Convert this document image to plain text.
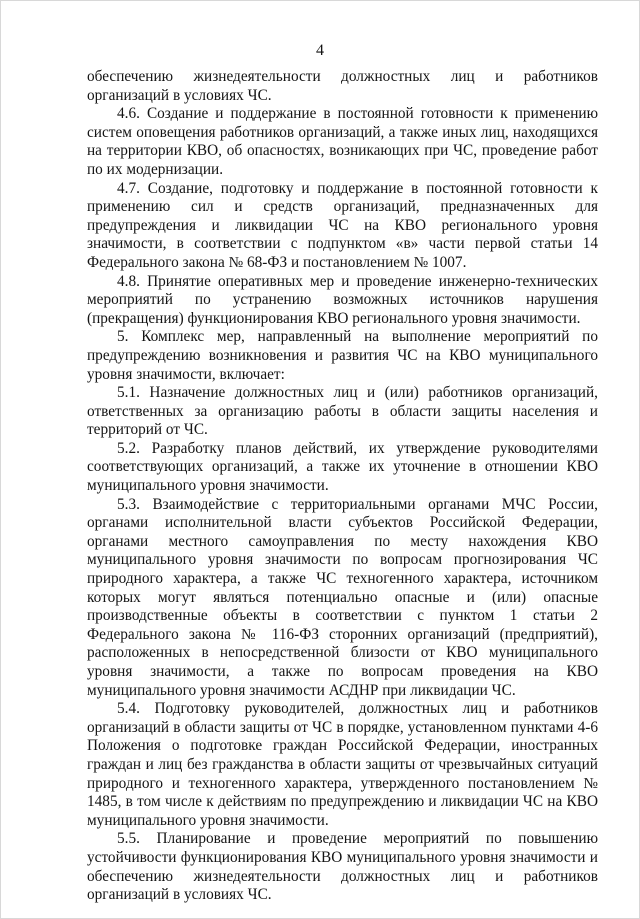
4

обеспечению жизнедеятельности должностных лиц и работников организаций в условиях ЧС.

4.6. Создание и поддержание в постоянной готовности к применению систем оповещения работников организаций, а также иных лиц, находящихся на территории КВО, об опасностях, возникающих при ЧС, проведение работ по их модернизации.

4.7. Создание, подготовку и поддержание в постоянной готовности к применению сил и средств организаций, предназначенных для предупреждения и ликвидации ЧС на КВО регионального уровня значимости, в соответствии с подпунктом «в» части первой статьи 14 Федерального закона № 68-ФЗ и постановлением № 1007.

4.8. Принятие оперативных мер и проведение инженерно-технических мероприятий по устранению возможных источников нарушения (прекращения) функционирования КВО регионального уровня значимости.

5. Комплекс мер, направленный на выполнение мероприятий по предупреждению возникновения и развития ЧС на КВО муниципального уровня значимости, включает:

5.1. Назначение должностных лиц и (или) работников организаций, ответственных за организацию работы в области защиты населения и территорий от ЧС.

5.2. Разработку планов действий, их утверждение руководителями соответствующих организаций, а также их уточнение в отношении КВО муниципального уровня значимости.

5.3. Взаимодействие с территориальными органами МЧС России, органами исполнительной власти субъектов Российской Федерации, органами местного самоуправления по месту нахождения КВО муниципального уровня значимости по вопросам прогнозирования ЧС природного характера, а также ЧС техногенного характера, источником которых могут являться потенциально опасные и (или) опасные производственные объекты в соответствии с пунктом 1 статьи 2 Федерального закона № 116-ФЗ сторонних организаций (предприятий), расположенных в непосредственной близости от КВО муниципального уровня значимости, а также по вопросам проведения на КВО муниципального уровня значимости АСДНР при ликвидации ЧС.

5.4. Подготовку руководителей, должностных лиц и работников организаций в области защиты от ЧС в порядке, установленном пунктами 4-6 Положения о подготовке граждан Российской Федерации, иностранных граждан и лиц без гражданства в области защиты от чрезвычайных ситуаций природного и техногенного характера, утвержденного постановлением № 1485, в том числе к действиям по предупреждению и ликвидации ЧС на КВО муниципального уровня значимости.

5.5. Планирование и проведение мероприятий по повышению устойчивости функционирования КВО муниципального уровня значимости и обеспечению жизнедеятельности должностных лиц и работников организаций в условиях ЧС.
